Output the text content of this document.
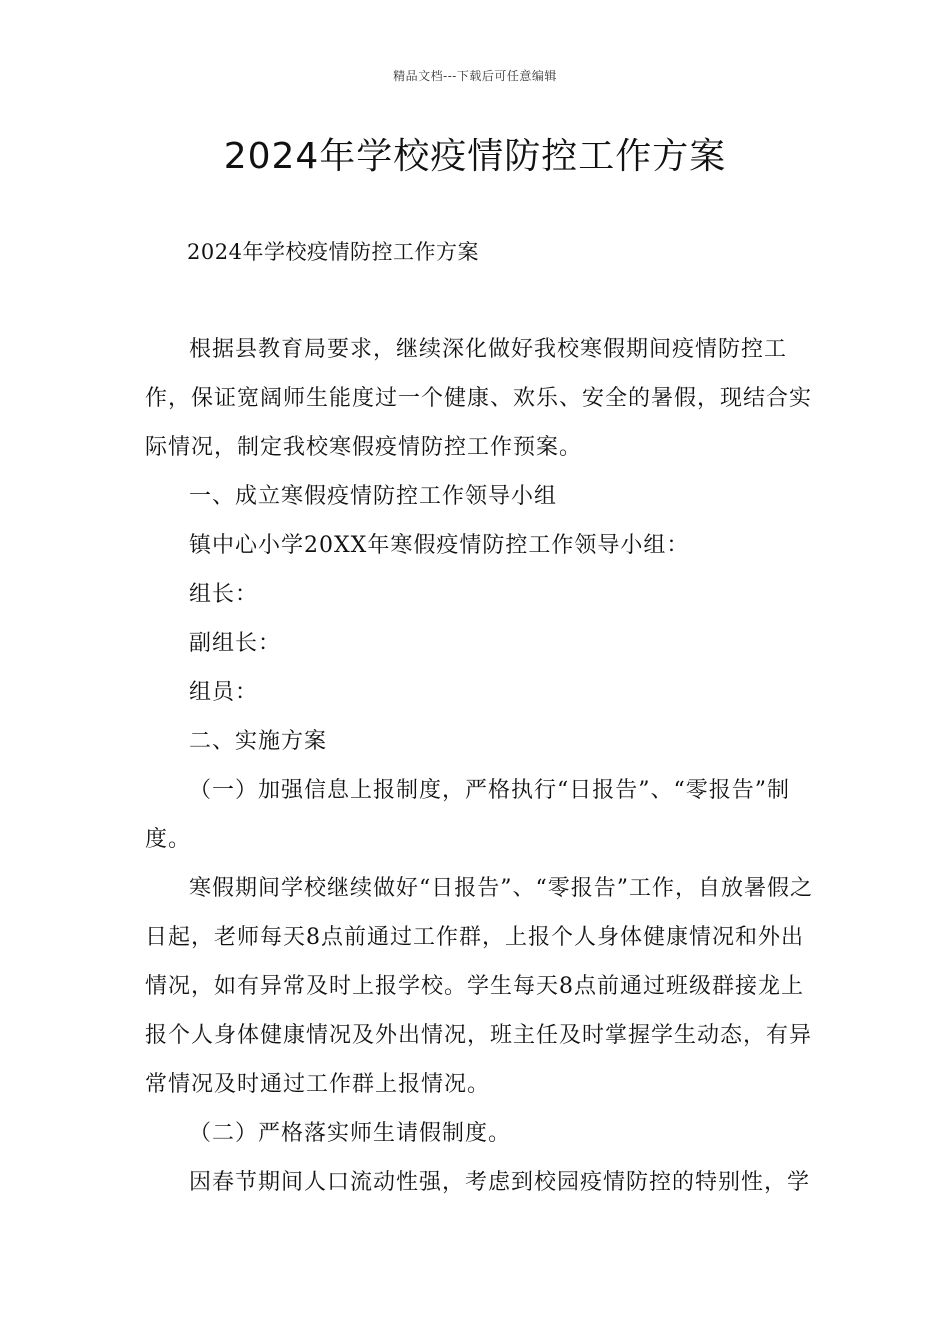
精品文档---下载后可任意编辑
2024年学校疫情防控工作方案
2024年学校疫情防控工作方案

根据县教育局要求，继续深化做好我校寒假期间疫情防控工作，保证宽阔师生能度过一个健康、欢乐、安全的暑假，现结合实际情况，制定我校寒假疫情防控工作预案。

一、成立寒假疫情防控工作领导小组

镇中心小学20XX年寒假疫情防控工作领导小组：

组长：

副组长：

组员：

二、实施方案

（一）加强信息上报制度，严格执行“日报告”、“零报告”制度。

寒假期间学校继续做好“日报告”、“零报告”工作，自放暑假之日起，老师每天8点前通过工作群，上报个人身体健康情况和外出情况，如有异常及时上报学校。学生每天8点前通过班级群接龙上报个人身体健康情况及外出情况，班主任及时掌握学生动态，有异常情况及时通过工作群上报情况。

（二）严格落实师生请假制度。

因春节期间人口流动性强，考虑到校园疫情防控的特别性，学
